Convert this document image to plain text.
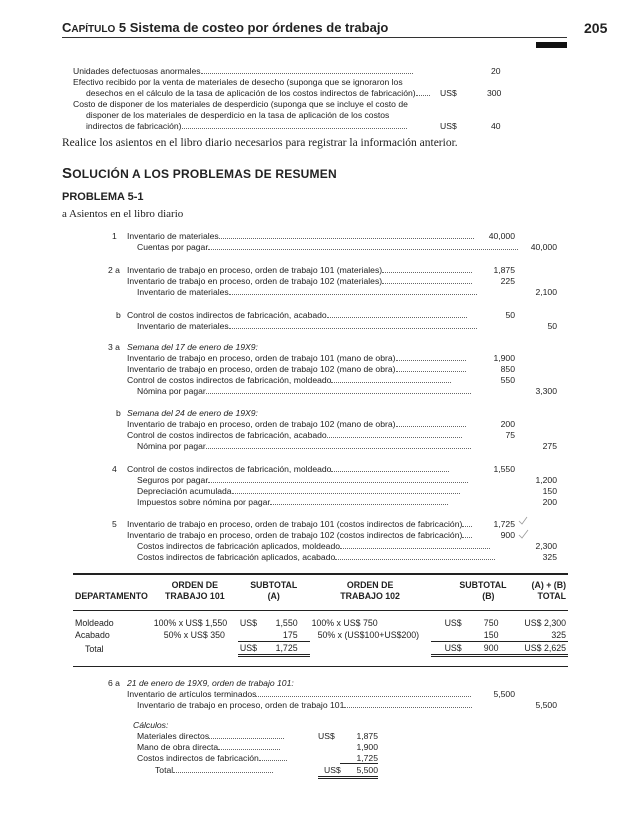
CAPÍTULO 5 Sistema de costeo por órdenes de trabajo	205
Unidades defectuosas anormales	20
Efectivo recibido por la venta de materiales de desecho (suponga que se ignoraron los
desechos en el cálculo de la tasa de aplicación de los costos indirectos de fabricación)	US$	300
Costo de disponer de los materiales de desperdicio (suponga que se incluye el costo de
disponer de los materiales de desperdicio en la tasa de aplicación de los costos
indirectos de fabricación)	US$	40
Realice los asientos en el libro diario necesarios para registrar la información anterior.
SOLUCIÓN A LOS PROBLEMAS DE RESUMEN
PROBLEMA 5-1
a Asientos en el libro diario
1 Inventario de materiales	40,000
Cuentas por pagar	40,000
2 a Inventario de trabajo en proceso, orden de trabajo 101 (materiales)	1,875
Inventario de trabajo en proceso, orden de trabajo 102 (materiales)	225
Inventario de materiales	2,100
b Control de costos indirectos de fabricación, acabado	50
Inventario de materiales	50
3 a Semana del 17 de enero de 19X9:
Inventario de trabajo en proceso, orden de trabajo 101 (mano de obra)	1,900
Inventario de trabajo en proceso, orden de trabajo 102 (mano de obra)	850
Control de costos indirectos de fabricación, moldeado	550
Nómina por pagar	3,300
b Semana del 24 de enero de 19X9:
Inventario de trabajo en proceso, orden de trabajo 102 (mano de obra)	200
Control de costos indirectos de fabricación, acabado	75
Nómina por pagar	275
4 Control de costos indirectos de fabricación, moldeado	1,550
Seguros por pagar	1,200
Depreciación acumulada	150
Impuestos sobre nómina por pagar	200
5 Inventario de trabajo en proceso, orden de trabajo 101 (costos indirectos de fabricación)	1,725
Inventario de trabajo en proceso, orden de trabajo 102 (costos indirectos de fabricación)	900
Costos indirectos de fabricación aplicados, moldeado	2,300
Costos indirectos de fabricación aplicados, acabado	325
	ORDEN DE	SUBTOTAL	ORDEN DE	SUBTOTAL	(A) + (B)
DEPARTAMENTO	TRABAJO 101	(A)	TRABAJO 102	(B)	TOTAL

Moldeado	100% x US$ 1,550	US$ 1,550	100% x US$ 750	US$ 750	US$ 2,300
Acabado	50% x US$ 350	175	50% x (US$100+US$200)	150	325
Total		US$ 1,725		US$ 900	US$ 2,625
6 a 21 de enero de 19X9, orden de trabajo 101:
Inventario de artículos terminados	5,500
Inventario de trabajo en proceso, orden de trabajo 101	5,500
Cálculos:
Materiales directos	US$	1,875
Mano de obra directa	1,900
Costos indirectos de fabricación	1,725
Total	US$	5,500
